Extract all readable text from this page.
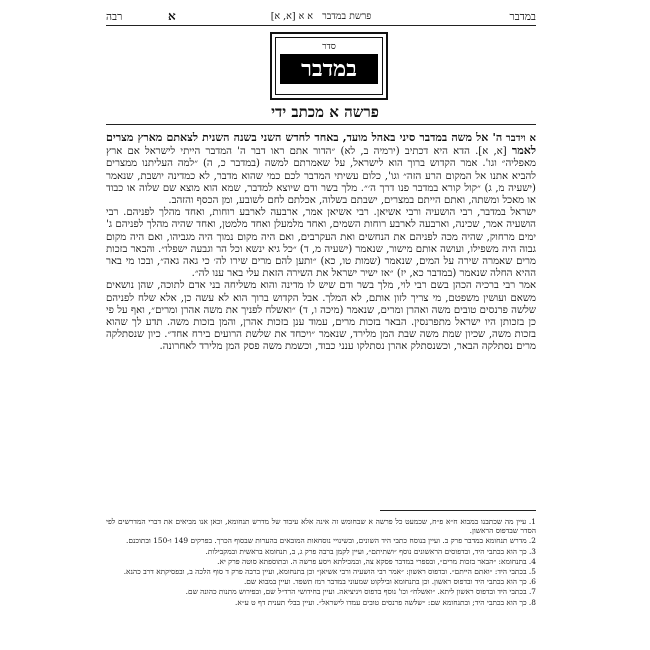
במדבר
פרשת במדבר   א א [א, א]
א
רבה
סדר
במדבר
פרשה א מכתב ידי

א וידבר ה' אל משה במדבר סיני באהל מועד, באחד לחדש השני בשנה השנית לצאתם מארץ מצרים לאמר [א, א]. הדא היא דכתיב (ירמיה ב, לא) ״הדור אתם ראו דבר ה' המדבר הייתי לישראל אם ארץ מאפליה״ וגו'. אמר הקדוש ברוך הוא לישראל, על שאמרתם למשה (במדבר כ, ה) ״למה העליתנו ממצרים להביא אתנו אל המקום הרע הזה״ וגו', כלום עשיתי המדבר לכם כמי שהוא מדבר, לא כמדינה יושבת, שנאמר (ישעיה מ, ג) ״קול קורא במדבר פנו דרך ה׳״. מלך בשר ודם שיוצא למדבר, שמא הוא מוצא שם שלוה או כבוד או מאכל ומשתה, ואתם הייתם במצרים, ישבתם בשלוה, אכלתם לחם לשובע, ומן הכסף והזהב.

ישראל במדבר, רבי הושעיה ורבי אשיאן. רבי אשיאן אמר, ארבעה לארבע רוחות, ואחד מהלך לפניהם. רבי הושעיה אמר, שכינה, וארבעה לארבע רוחות השמים, ואחד מלמעלן ואחד מלמטן, ואחד שהיה מהלך לפניהם ג' ימים מרחוק, שהיה מכה לפניהם את הנחשים ואת העקרבים, ואם היה מקום נמוך היה מגביהו, ואם היה מקום גבוה היה משפילו, ועושה אותם מישור, שנאמר (ישעיה מ, ד) ״כל גיא ינשא וכל הר וגבעה ישפלו״. והבאר בזכות מרים שאמרה שירה על המים, שנאמר (שמות טו, כא) ״ותען להם מרים שירו לה׳ כי גאה גאה״, ובכו מי באר ההיא החלה שנאמר (במדבר כא, יז) ״אז ישיר ישראל את השירה הזאת עלי באר ענו לה״.

אמר רבי ברכיה הכהן בשם רבי לוי, מלך בשר ודם שיש לו מדינה והוא משליחה בני אדם לתוכה, שהן נושאים משאם ועושין משפטם, מי צריך לזון אותם, לא המלך. אבל הקדוש ברוך הוא לא עשה כן, אלא שלח לפניהם שלשה פרנסים טובים משה ואהרן ומרים, שנאמר (מיכה ו, ד) ״ואשלח לפניך את משה אהרן ומרים״, ואף על פי כן בזכותן היו ישראל מתפרנסין. הבאר בזכות מרים, עמוד ענן בזכות אהרן, והמן בזכות משה. תדע לך שהוא בזכות משה, שכיון שמת משה שבת המן מלירד, שנאמר ״ויכחד את שלשת הרועים בירח אחד״. כיון שנסתלקה מרים נסתלקה הבאר, וכשנסתלק אהרן נסתלקו ענני כבוד, וכשמת משה פסק המן מלירד לאחרונה.

1. עיין מה שכתבנו במבוא ח״א פ״ח, שכמעט כל פרשה א שבחומש זה אינה אלא עיבוד של מדרש תנחומא, וכאן אנו מביאים את דברי המדרשים לפי הסדר שבדפוס הראשון.

2. מדרש תנחומא במדבר פרק ב. ועיין בנוסח כתבי היד השונים, ובשינויי נוסחאות המובאים בהערות שבסוף הכרך. בפרקים 149 ו-150 ובתוכנם.

3. כך הוא בכתבי היד, ובדפוסים הראשונים נוסף ״ושתיתם״, ועיין לקמן ברבה פרק ג, ב, תנחומא בראשית ובמקבילות.

4. בתנחומא: ״הבאר בזכות מרים״, ובספרי במדבר פסקא צה, ובמכילתא ויסע פרשה ה. ובתוספתא סוטה פרק יא.

5. בכתבי היד: ״ואתם הייתם״. ובדפוס ראשון: ״אמר רבי הושעיה ורבי אשיאן״ וכן בתנחומא, ועיין ברבה פרק ד סוף הלכה ב, ובפסיקתא דרב כהנא.

6. כך הוא בכתבי היד ובדפוס ראשון. וכן בתנחומא ובילקוט שמעוני במדבר רמז תשפד. ועיין במבוא שם.

7. בכתבי היד ובדפוס ראשון ליתא. ״ואשלח״ וכו' נוסף בדפוס ויניציאה. ועיין בחידושי הרד״ל שם, ובפירוש מתנות כהונה שם.

8. כך הוא בכתבי היד; ובתנחומא שם: ״שלשה פרנסים טובים עמדו לישראל״. ועיין בבלי תענית דף ט ע״א.
